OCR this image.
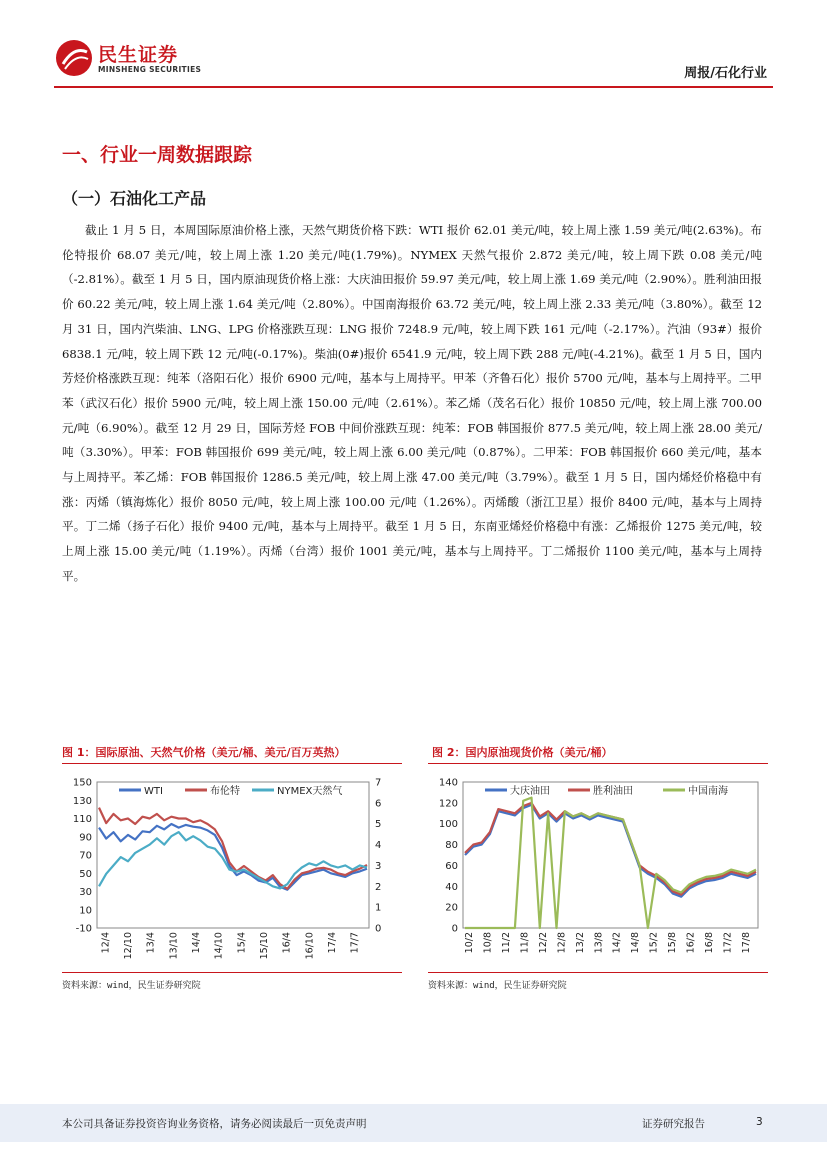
民生证券
MINSHENG SECURITIES	周报/石化行业
一、行业一周数据跟踪
（一）石油化工产品
截止 1 月 5 日，本周国际原油价格上涨，天然气期货价格下跌：WTI 报价 62.01 美元/吨，较上周上涨 1.59 美元/吨(2.63%)。布伦特报价 68.07 美元/吨，较上周上涨 1.20 美元/吨(1.79%)。NYMEX 天然气报价 2.872 美元/吨，较上周下跌 0.08 美元/吨（-2.81%）。截至 1 月 5 日，国内原油现货价格上涨：大庆油田报价 59.97 美元/吨，较上周上涨 1.69 美元/吨（2.90%）。胜利油田报价 60.22 美元/吨，较上周上涨 1.64 美元/吨（2.80%）。中国南海报价 63.72 美元/吨，较上周上涨 2.33 美元/吨（3.80%）。截至 12 月 31 日，国内汽柴油、LNG、LPG 价格涨跌互现：LNG 报价 7248.9 元/吨，较上周下跌 161 元/吨（-2.17%）。汽油（93#）报价 6838.1 元/吨，较上周下跌 12 元/吨(-0.17%)。柴油(0#)报价 6541.9 元/吨，较上周下跌 288 元/吨(-4.21%)。截至 1 月 5 日，国内芳烃价格涨跌互现：纯苯（洛阳石化）报价 6900 元/吨，基本与上周持平。甲苯（齐鲁石化）报价 5700 元/吨，基本与上周持平。二甲苯（武汉石化）报价 5900 元/吨，较上周上涨 150.00 元/吨（2.61%）。苯乙烯（茂名石化）报价 10850 元/吨，较上周上涨 700.00 元/吨（6.90%）。截至 12 月 29 日，国际芳烃 FOB 中间价涨跌互现：纯苯：FOB 韩国报价 877.5 美元/吨，较上周上涨 28.00 美元/吨（3.30%）。甲苯：FOB 韩国报价 699 美元/吨，较上周上涨 6.00 美元/吨（0.87%）。二甲苯：FOB 韩国报价 660 美元/吨，基本与上周持平。苯乙烯：FOB 韩国报价 1286.5 美元/吨，较上周上涨 47.00 美元/吨（3.79%）。截至 1 月 5 日，国内烯烃价格稳中有涨：丙烯（镇海炼化）报价 8050 元/吨，较上周上涨 100.00 元/吨（1.26%）。丙烯酸（浙江卫星）报价 8400 元/吨，基本与上周持平。丁二烯（扬子石化）报价 9400 元/吨，基本与上周持平。截至 1 月 5 日，东南亚烯烃价格稳中有涨：乙烯报价 1275 美元/吨，较上周上涨 15.00 美元/吨（1.19%）。丙烯（台湾）报价 1001 美元/吨，基本与上周持平。丁二烯报价 1100 美元/吨，基本与上周持平。
图 1：国际原油、天然气价格（美元/桶、美元/百万英热）
150
130
110
90
70
50
30
10
-10
7
6
5
4
3
2
1
0
12/4 12/10 13/4 13/10 14/4 14/10 15/4 15/10 16/4 16/10 17/4 17/7
WTI	布伦特	NYMEX天然气
资料来源：wind，民生证券研究院
图 2：国内原油现货价格（美元/桶）
140
120
100
80
60
40
20
0
10/2 10/8 11/2 11/8 12/2 12/8 13/2 13/8 14/2 14/8 15/2 15/8 16/2 16/8 17/2 17/8
大庆油田	胜利油田	中国南海
资料来源：wind，民生证券研究院
本公司具备证券投资咨询业务资格，请务必阅读最后一页免责声明	证券研究报告	3
